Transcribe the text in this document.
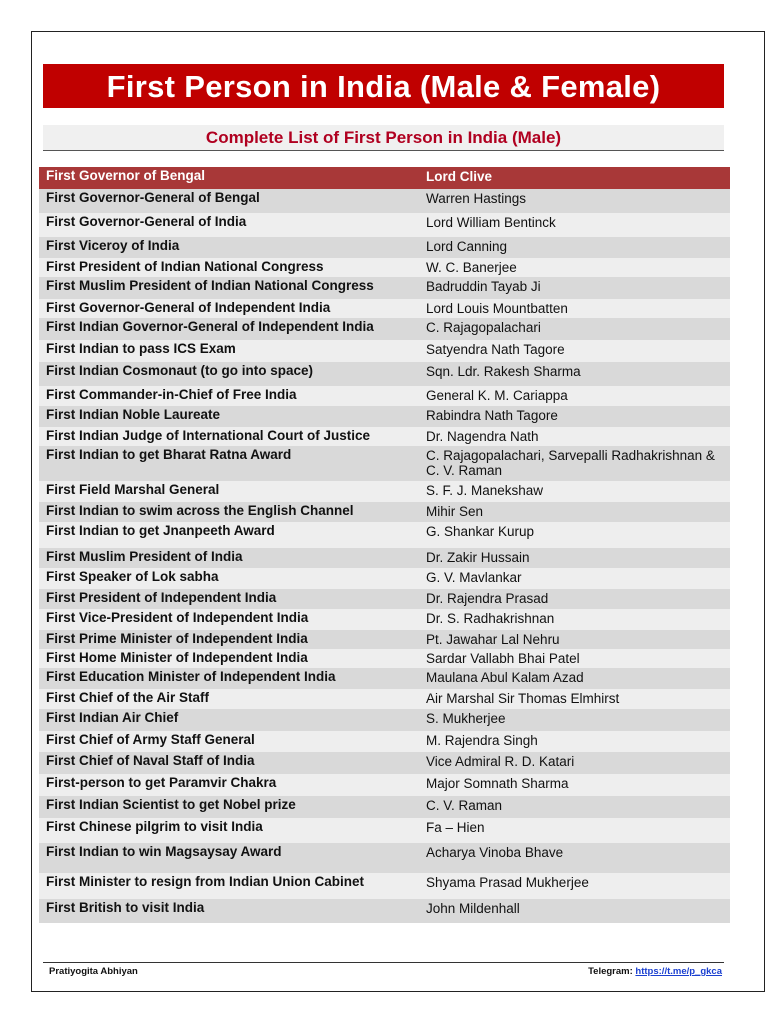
First Person in India (Male & Female)
Complete List of First Person in India (Male)
First Governor of Bengal	Lord Clive
First Governor-General of Bengal	Warren Hastings
First Governor-General of India	Lord William Bentinck
First Viceroy of India	Lord Canning
First President of Indian National Congress	W. C. Banerjee
First Muslim President of Indian National Congress	Badruddin Tayab Ji
First Governor-General of Independent India	Lord Louis Mountbatten
First Indian Governor-General of Independent India	C. Rajagopalachari
First Indian to pass ICS Exam	Satyendra Nath Tagore
First Indian Cosmonaut (to go into space)	Sqn. Ldr. Rakesh Sharma
First Commander-in-Chief of Free India	General K. M. Cariappa
First Indian Noble Laureate	Rabindra Nath Tagore
First Indian Judge of International Court of Justice	Dr. Nagendra Nath
First Indian to get Bharat Ratna Award	C. Rajagopalachari, Sarvepalli Radhakrishnan & C. V. Raman
First Field Marshal General	S. F. J. Manekshaw
First Indian to swim across the English Channel	Mihir Sen
First Indian to get Jnanpeeth Award	G. Shankar Kurup
First Muslim President of India	Dr. Zakir Hussain
First Speaker of Lok sabha	G. V. Mavlankar
First President of Independent India	Dr. Rajendra Prasad
First Vice-President of Independent India	Dr. S. Radhakrishnan
First Prime Minister of Independent India	Pt. Jawahar Lal Nehru
First Home Minister of Independent India	Sardar Vallabh Bhai Patel
First Education Minister of Independent India	Maulana Abul Kalam Azad
First Chief of the Air Staff	Air Marshal Sir Thomas Elmhirst
First Indian Air Chief	S. Mukherjee
First Chief of Army Staff General	M. Rajendra Singh
First Chief of Naval Staff of India	Vice Admiral R. D. Katari
First-person to get Paramvir Chakra	Major Somnath Sharma
First Indian Scientist to get Nobel prize	C. V. Raman
First Chinese pilgrim to visit India	Fa – Hien
First Indian to win Magsaysay Award	Acharya Vinoba Bhave
First Minister to resign from Indian Union Cabinet	Shyama Prasad Mukherjee
First British to visit India	John Mildenhall
Pratiyogita Abhiyan	Telegram: https://t.me/p_gkca
